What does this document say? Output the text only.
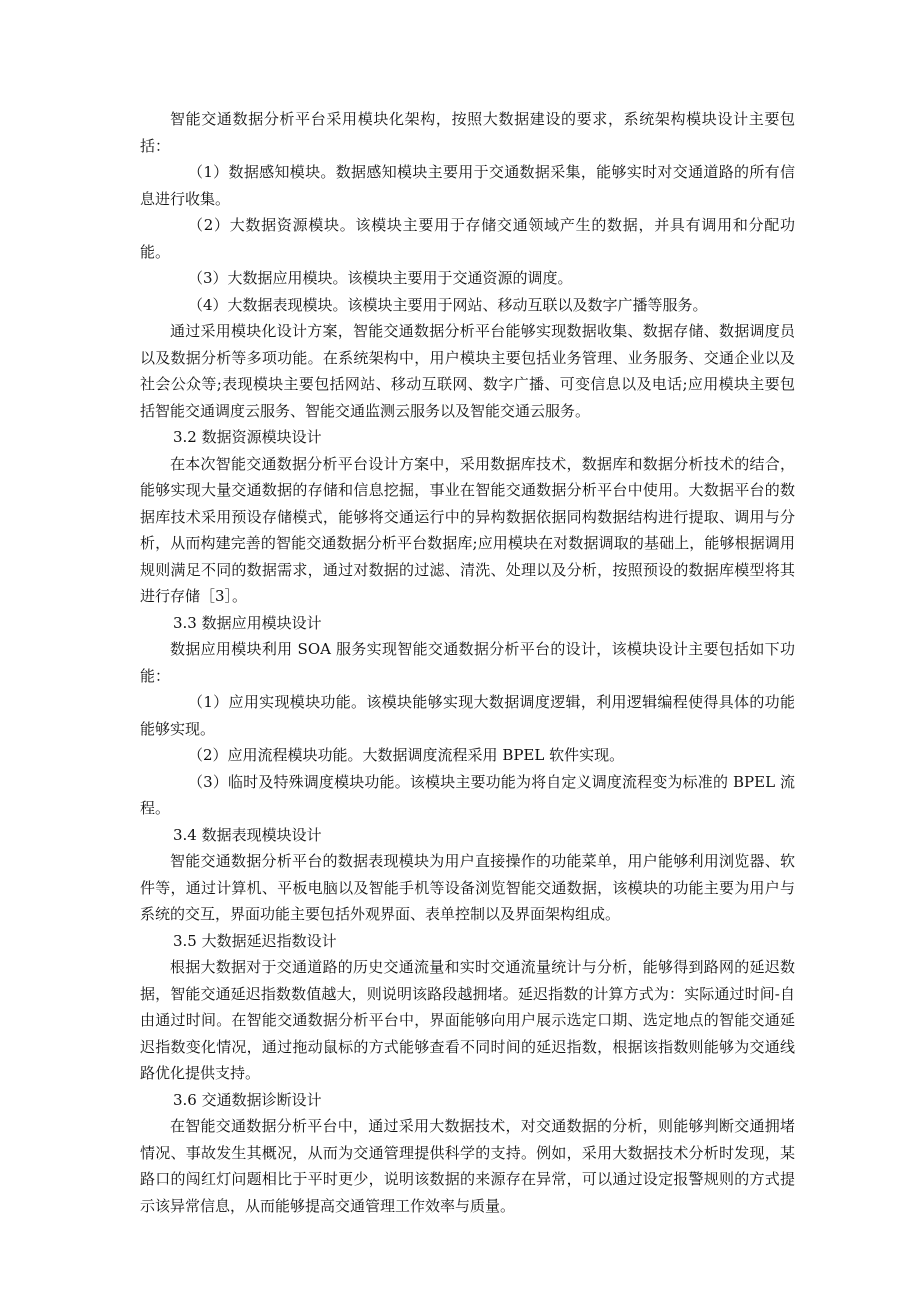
智能交通数据分析平台采用模块化架构，按照大数据建设的要求，系统架构模块设计主要包括：

（1）数据感知模块。数据感知模块主要用于交通数据采集，能够实时对交通道路的所有信息进行收集。

（2）大数据资源模块。该模块主要用于存储交通领域产生的数据，并具有调用和分配功能。

（3）大数据应用模块。该模块主要用于交通资源的调度。

（4）大数据表现模块。该模块主要用于网站、移动互联以及数字广播等服务。

通过采用模块化设计方案，智能交通数据分析平台能够实现数据收集、数据存储、数据调度员以及数据分析等多项功能。在系统架构中，用户模块主要包括业务管理、业务服务、交通企业以及社会公众等;表现模块主要包括网站、移动互联网、数字广播、可变信息以及电话;应用模块主要包括智能交通调度云服务、智能交通监测云服务以及智能交通云服务。

3.2 数据资源模块设计

在本次智能交通数据分析平台设计方案中，采用数据库技术，数据库和数据分析技术的结合，能够实现大量交通数据的存储和信息挖掘，事业在智能交通数据分析平台中使用。大数据平台的数据库技术采用预设存储模式，能够将交通运行中的异构数据依据同构数据结构进行提取、调用与分析，从而构建完善的智能交通数据分析平台数据库;应用模块在对数据调取的基础上，能够根据调用规则满足不同的数据需求，通过对数据的过滤、清洗、处理以及分析，按照预设的数据库模型将其进行存储［3］。

3.3 数据应用模块设计

数据应用模块利用 SOA 服务实现智能交通数据分析平台的设计，该模块设计主要包括如下功能：

（1）应用实现模块功能。该模块能够实现大数据调度逻辑，利用逻辑编程使得具体的功能能够实现。

（2）应用流程模块功能。大数据调度流程采用 BPEL 软件实现。

（3）临时及特殊调度模块功能。该模块主要功能为将自定义调度流程变为标准的 BPEL 流程。

3.4 数据表现模块设计

智能交通数据分析平台的数据表现模块为用户直接操作的功能菜单，用户能够利用浏览器、软件等，通过计算机、平板电脑以及智能手机等设备浏览智能交通数据，该模块的功能主要为用户与系统的交互，界面功能主要包括外观界面、表单控制以及界面架构组成。

3.5 大数据延迟指数设计

根据大数据对于交通道路的历史交通流量和实时交通流量统计与分析，能够得到路网的延迟数据，智能交通延迟指数数值越大，则说明该路段越拥堵。延迟指数的计算方式为：实际通过时间-自由通过时间。在智能交通数据分析平台中，界面能够向用户展示选定口期、选定地点的智能交通延迟指数变化情况，通过拖动鼠标的方式能够查看不同时间的延迟指数，根据该指数则能够为交通线路优化提供支持。

3.6 交通数据诊断设计

在智能交通数据分析平台中，通过采用大数据技术，对交通数据的分析，则能够判断交通拥堵情况、事故发生其概况，从而为交通管理提供科学的支持。例如，采用大数据技术分析时发现，某路口的闯红灯问题相比于平时更少，说明该数据的来源存在异常，可以通过设定报警规则的方式提示该异常信息，从而能够提高交通管理工作效率与质量。
